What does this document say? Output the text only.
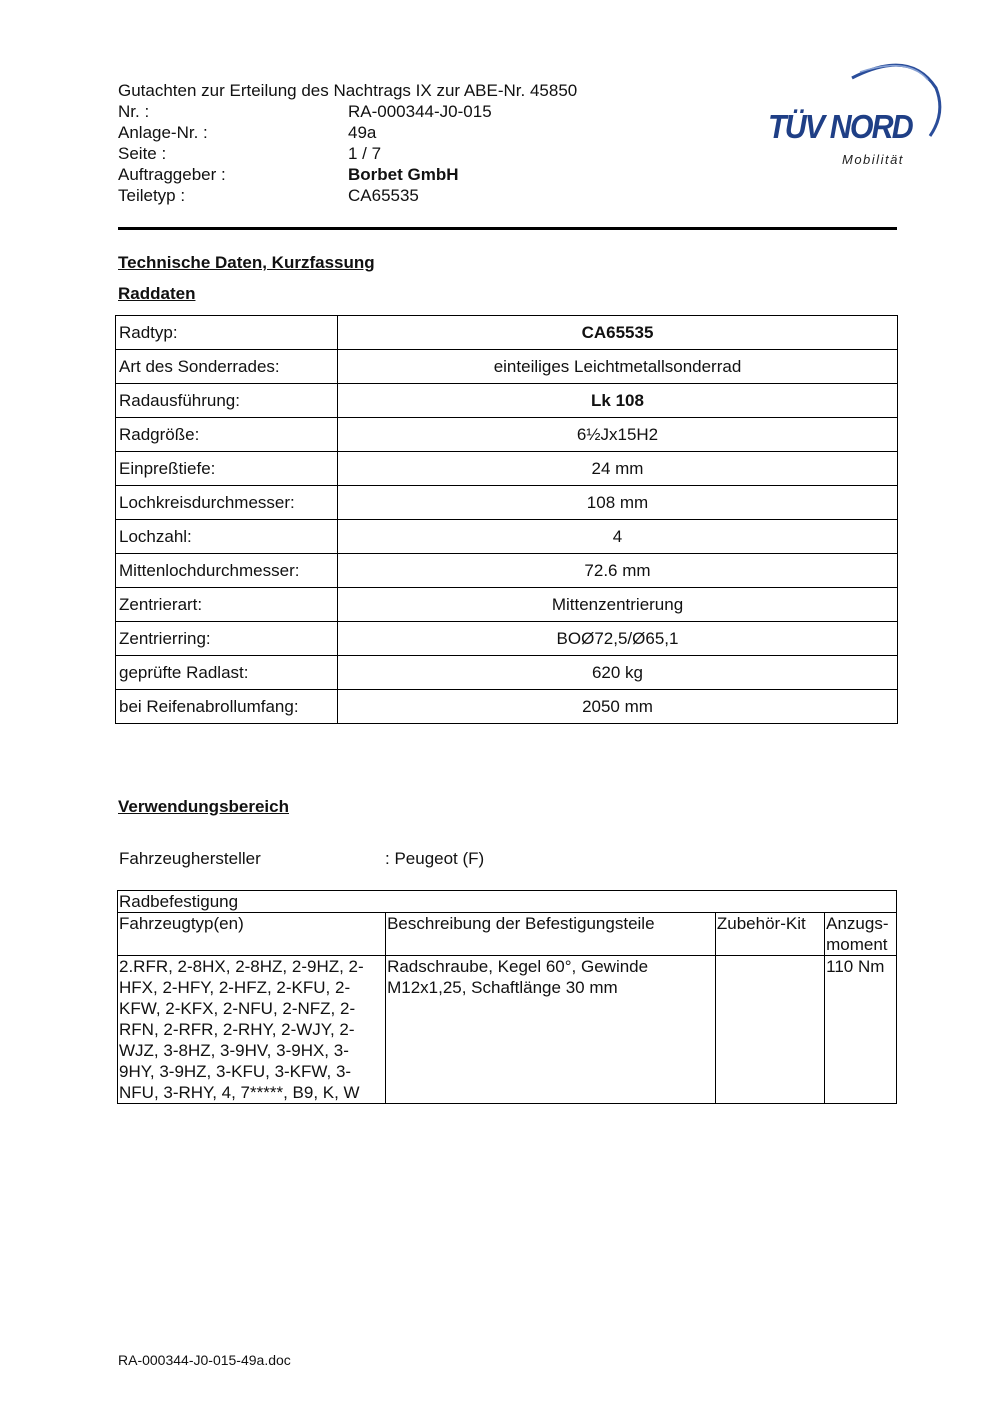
Gutachten zur Erteilung des Nachtrags IX zur ABE-Nr. 45850
Nr. :	RA-000344-J0-015
Anlage-Nr. :	49a
Seite :	1 / 7
Auftraggeber :	Borbet GmbH
Teiletyp :	CA65535
TÜV NORD
Mobilität
Technische Daten, Kurzfassung
Raddaten
Radtyp:	CA65535
Art des Sonderrades:	einteiliges Leichtmetallsonderrad
Radausführung:	Lk 108
Radgröße:	6½Jx15H2
Einpreßtiefe:	24 mm
Lochkreisdurchmesser:	108 mm
Lochzahl:	4
Mittenlochdurchmesser:	72.6 mm
Zentrierart:	Mittenzentrierung
Zentrierring:	BOØ72,5/Ø65,1
geprüfte Radlast:	620 kg
bei Reifenabrollumfang:	2050 mm
Verwendungsbereich
Fahrzeughersteller	: Peugeot (F)
Radbefestigung			
Fahrzeugtyp(en)	Beschreibung der Befestigungsteile	Zubehör-Kit	Anzugs-moment
2.RFR, 2-8HX, 2-8HZ, 2-9HZ, 2-HFX, 2-HFY, 2-HFZ, 2-KFU, 2-KFW, 2-KFX, 2-NFU, 2-NFZ, 2-RFN, 2-RFR, 2-RHY, 2-WJY, 2-WJZ, 3-8HZ, 3-9HV, 3-9HX, 3-9HY, 3-9HZ, 3-KFU, 3-KFW, 3-NFU, 3-RHY, 4, 7*****, B9, K, W	Radschraube, Kegel 60°, Gewinde M12x1,25, Schaftlänge 30 mm		110 Nm
RA-000344-J0-015-49a.doc
